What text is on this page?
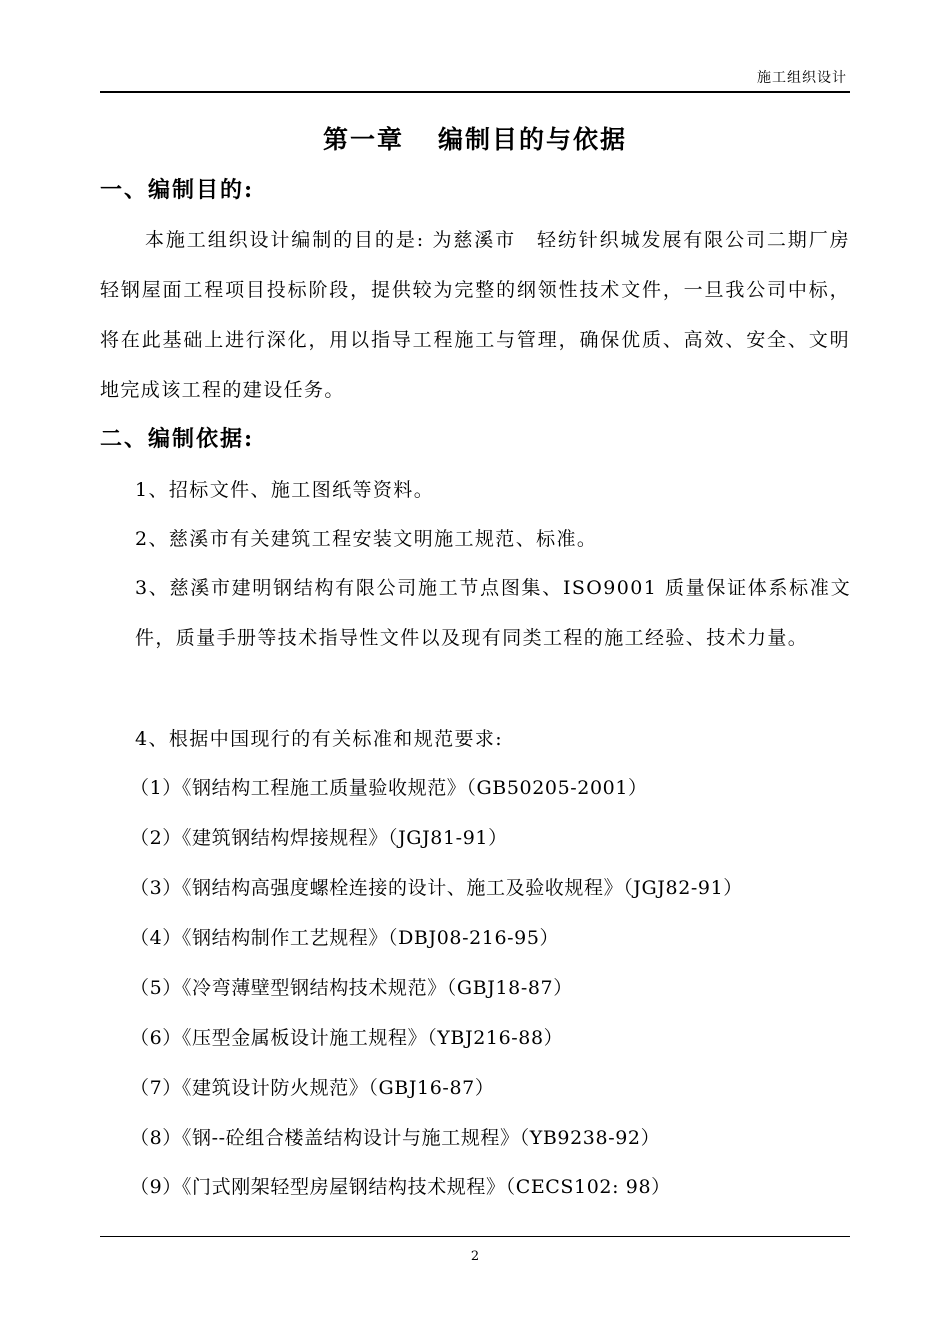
施工组织设计
第一章 编制目的与依据
一、编制目的:
本施工组织设计编制的目的是: 为慈溪市　轻纺针织城发展有限公司二期厂房轻钢屋面工程项目投标阶段，提供较为完整的纲领性技术文件，一旦我公司中标，将在此基础上进行深化，用以指导工程施工与管理，确保优质、高效、安全、文明地完成该工程的建设任务。
二、编制依据:
1、招标文件、施工图纸等资料。
2、慈溪市有关建筑工程安装文明施工规范、标准。
3、慈溪市建明钢结构有限公司施工节点图集、ISO9001 质量保证体系标准文件，质量手册等技术指导性文件以及现有同类工程的施工经验、技术力量。
4、根据中国现行的有关标准和规范要求:
（1）《钢结构工程施工质量验收规范》（GB50205-2001）
（2）《建筑钢结构焊接规程》（JGJ81-91）
（3）《钢结构高强度螺栓连接的设计、施工及验收规程》（JGJ82-91）
（4）《钢结构制作工艺规程》（DBJ08-216-95）
（5）《冷弯薄壁型钢结构技术规范》（GBJ18-87）
（6）《压型金属板设计施工规程》（YBJ216-88）
（7）《建筑设计防火规范》（GBJ16-87）
（8）《钢--砼组合楼盖结构设计与施工规程》（YB9238-92）
（9）《门式刚架轻型房屋钢结构技术规程》（CECS102: 98）
2
